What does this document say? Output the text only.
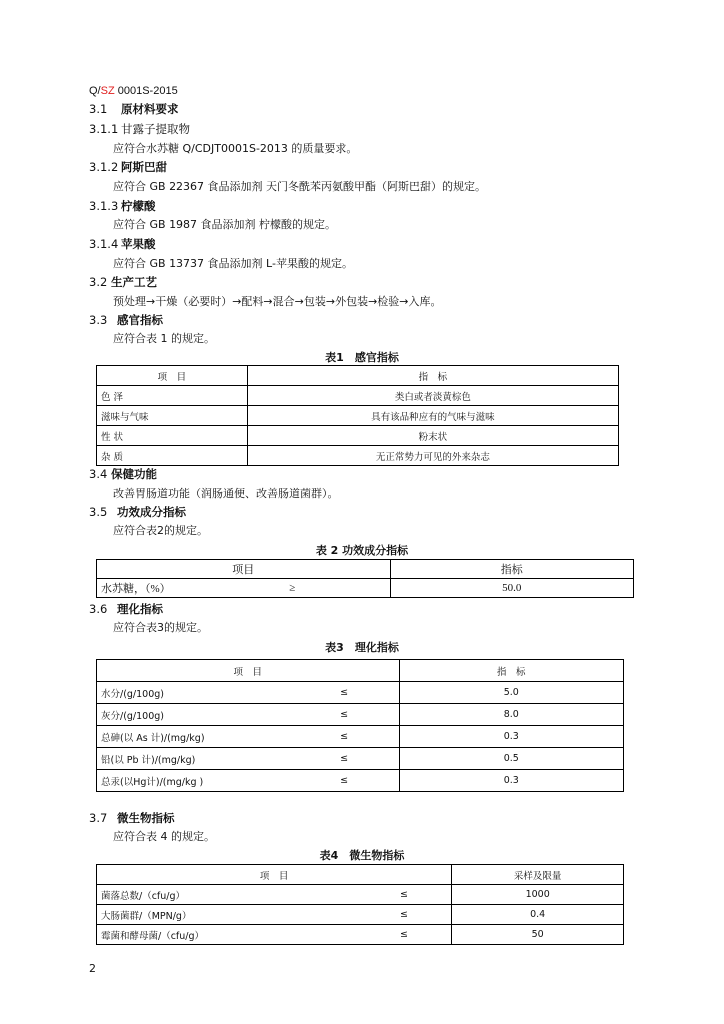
Q/SZ 0001S-2015
3.1 原材料要求
3.1.1 甘露子提取物
应符合水苏糖 Q/CDJT0001S-2013 的质量要求。
3.1.2 阿斯巴甜
应符合 GB 22367 食品添加剂 天门冬酰苯丙氨酸甲酯（阿斯巴甜）的规定。
3.1.3 柠檬酸
应符合 GB 1987 食品添加剂 柠檬酸的规定。
3.1.4 苹果酸
应符合 GB 13737 食品添加剂 L-苹果酸的规定。
3.2 生产工艺
预处理→干燥（必要时）→配料→混合→包装→外包装→检验→入库。
3.3 感官指标
应符合表 1 的规定。
表1　感官指标
项　目	指　标
色 泽	类白或者淡黄棕色
滋味与气味	具有该品种应有的气味与滋味
性 状	粉末状
杂 质	无正常势力可见的外来杂志
3.4 保健功能
改善胃肠道功能（润肠通便、改善肠道菌群）。
3.5 功效成分指标
应符合表2的规定。
表 2 功效成分指标
项目		指标
水苏糖，（%）	≥	50.0
3.6 理化指标
应符合表3的规定。
表3　理化指标
项　目		指　标
水分/(g/100g)	≤	5.0
灰分/(g/100g)	≤	8.0
总砷(以 As 计)/(mg/kg)	≤	0.3
铅(以 Pb 计)/(mg/kg)	≤	0.5
总汞(以Hg计)/(mg/kg )	≤	0.3
3.7 微生物指标
应符合表 4 的规定。
表4　微生物指标
项　目		采样及限量
菌落总数/（cfu/g）	≤	1000
大肠菌群/（MPN/g）	≤	0.4
霉菌和酵母菌/（cfu/g）	≤	50
2
